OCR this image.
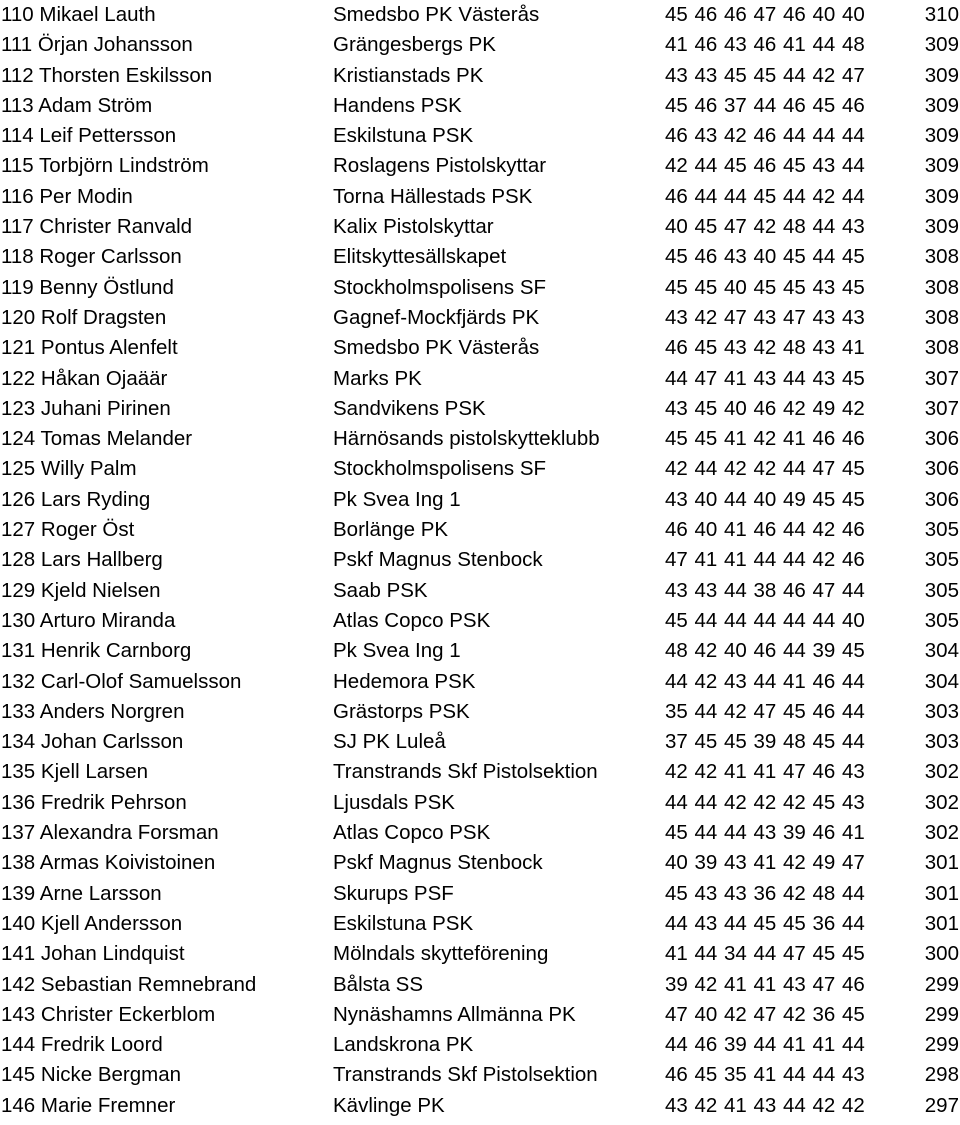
110 Mikael Lauth	Smedsbo PK Västerås	45 46 46 47 46 40 40	310
111 Örjan Johansson	Grängesbergs PK	41 46 43 46 41 44 48	309
112 Thorsten Eskilsson	Kristianstads PK	43 43 45 45 44 42 47	309
113 Adam Ström	Handens PSK	45 46 37 44 46 45 46	309
114 Leif Pettersson	Eskilstuna PSK	46 43 42 46 44 44 44	309
115 Torbjörn Lindström	Roslagens Pistolskyttar	42 44 45 46 45 43 44	309
116 Per Modin	Torna Hällestads PSK	46 44 44 45 44 42 44	309
117 Christer Ranvald	Kalix Pistolskyttar	40 45 47 42 48 44 43	309
118 Roger Carlsson	Elitskyttesällskapet	45 46 43 40 45 44 45	308
119 Benny Östlund	Stockholmspolisens SF	45 45 40 45 45 43 45	308
120 Rolf Dragsten	Gagnef-Mockfjärds PK	43 42 47 43 47 43 43	308
121 Pontus Alenfelt	Smedsbo PK Västerås	46 45 43 42 48 43 41	308
122 Håkan Ojaäär	Marks PK	44 47 41 43 44 43 45	307
123 Juhani Pirinen	Sandvikens PSK	43 45 40 46 42 49 42	307
124 Tomas Melander	Härnösands pistolskytteklubb	45 45 41 42 41 46 46	306
125 Willy Palm	Stockholmspolisens SF	42 44 42 42 44 47 45	306
126 Lars Ryding	Pk Svea Ing 1	43 40 44 40 49 45 45	306
127 Roger Öst	Borlänge PK	46 40 41 46 44 42 46	305
128 Lars Hallberg	Pskf Magnus Stenbock	47 41 41 44 44 42 46	305
129 Kjeld Nielsen	Saab PSK	43 43 44 38 46 47 44	305
130 Arturo Miranda	Atlas Copco PSK	45 44 44 44 44 44 40	305
131 Henrik Carnborg	Pk Svea Ing 1	48 42 40 46 44 39 45	304
132 Carl-Olof Samuelsson	Hedemora PSK	44 42 43 44 41 46 44	304
133 Anders Norgren	Grästorps PSK	35 44 42 47 45 46 44	303
134 Johan Carlsson	SJ PK Luleå	37 45 45 39 48 45 44	303
135 Kjell Larsen	Transtrands Skf Pistolsektion	42 42 41 41 47 46 43	302
136 Fredrik Pehrson	Ljusdals PSK	44 44 42 42 42 45 43	302
137 Alexandra Forsman	Atlas Copco PSK	45 44 44 43 39 46 41	302
138 Armas Koivistoinen	Pskf Magnus Stenbock	40 39 43 41 42 49 47	301
139 Arne Larsson	Skurups PSF	45 43 43 36 42 48 44	301
140 Kjell Andersson	Eskilstuna PSK	44 43 44 45 45 36 44	301
141 Johan Lindquist	Mölndals skytteförening	41 44 34 44 47 45 45	300
142 Sebastian Remnebrand	Bålsta SS	39 42 41 41 43 47 46	299
143 Christer Eckerblom	Nynäshamns Allmänna PK	47 40 42 47 42 36 45	299
144 Fredrik Loord	Landskrona PK	44 46 39 44 41 41 44	299
145 Nicke Bergman	Transtrands Skf Pistolsektion	46 45 35 41 44 44 43	298
146 Marie Fremner	Kävlinge PK	43 42 41 43 44 42 42	297
